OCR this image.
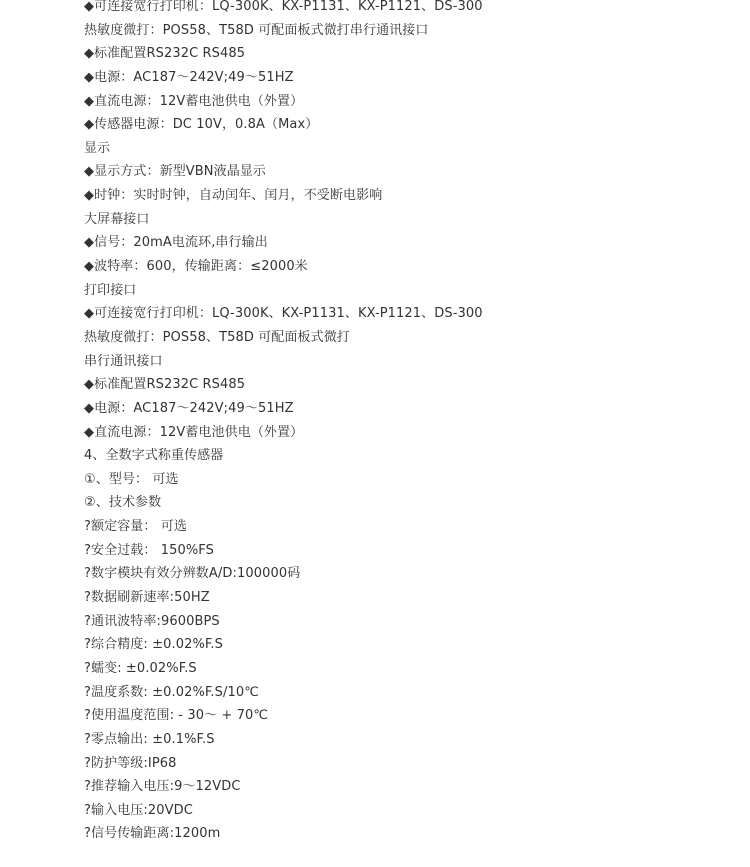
◆可连接宽行打印机：LQ-300K、KX-P1131、KX-P1121、DS-300
热敏度微打：POS58、T58D 可配面板式微打串行通讯接口
◆标准配置RS232C RS485
◆电源：AC187～242V;49～51HZ
◆直流电源：12V蓄电池供电（外置）
◆传感器电源：DC 10V，0.8A（Max）
显示
◆显示方式：新型VBN液晶显示
◆时钟：实时时钟，自动闰年、闰月，不受断电影响
大屏幕接口
◆信号：20mA电流环,串行输出
◆波特率：600，传输距离：≤2000米
打印接口
◆可连接宽行打印机：LQ-300K、KX-P1131、KX-P1121、DS-300
热敏度微打：POS58、T58D 可配面板式微打
串行通讯接口
◆标准配置RS232C RS485
◆电源：AC187～242V;49～51HZ
◆直流电源：12V蓄电池供电（外置）
4、全数字式称重传感器
①、型号： 可选
②、技术参数
?额定容量： 可选
?安全过载： 150%FS
?数字模块有效分辨数A/D:100000码
?数据刷新速率:50HZ
?通讯波特率:9600BPS
?综合精度: ±0.02%F.S
?蠕变: ±0.02%F.S
?温度系数: ±0.02%F.S/10℃
?使用温度范围: - 30～ + 70℃
?零点输出: ±0.1%F.S
?防护等级:IP68
?推荐输入电压:9～12VDC
?输入电压:20VDC
?信号传输距离:1200m
